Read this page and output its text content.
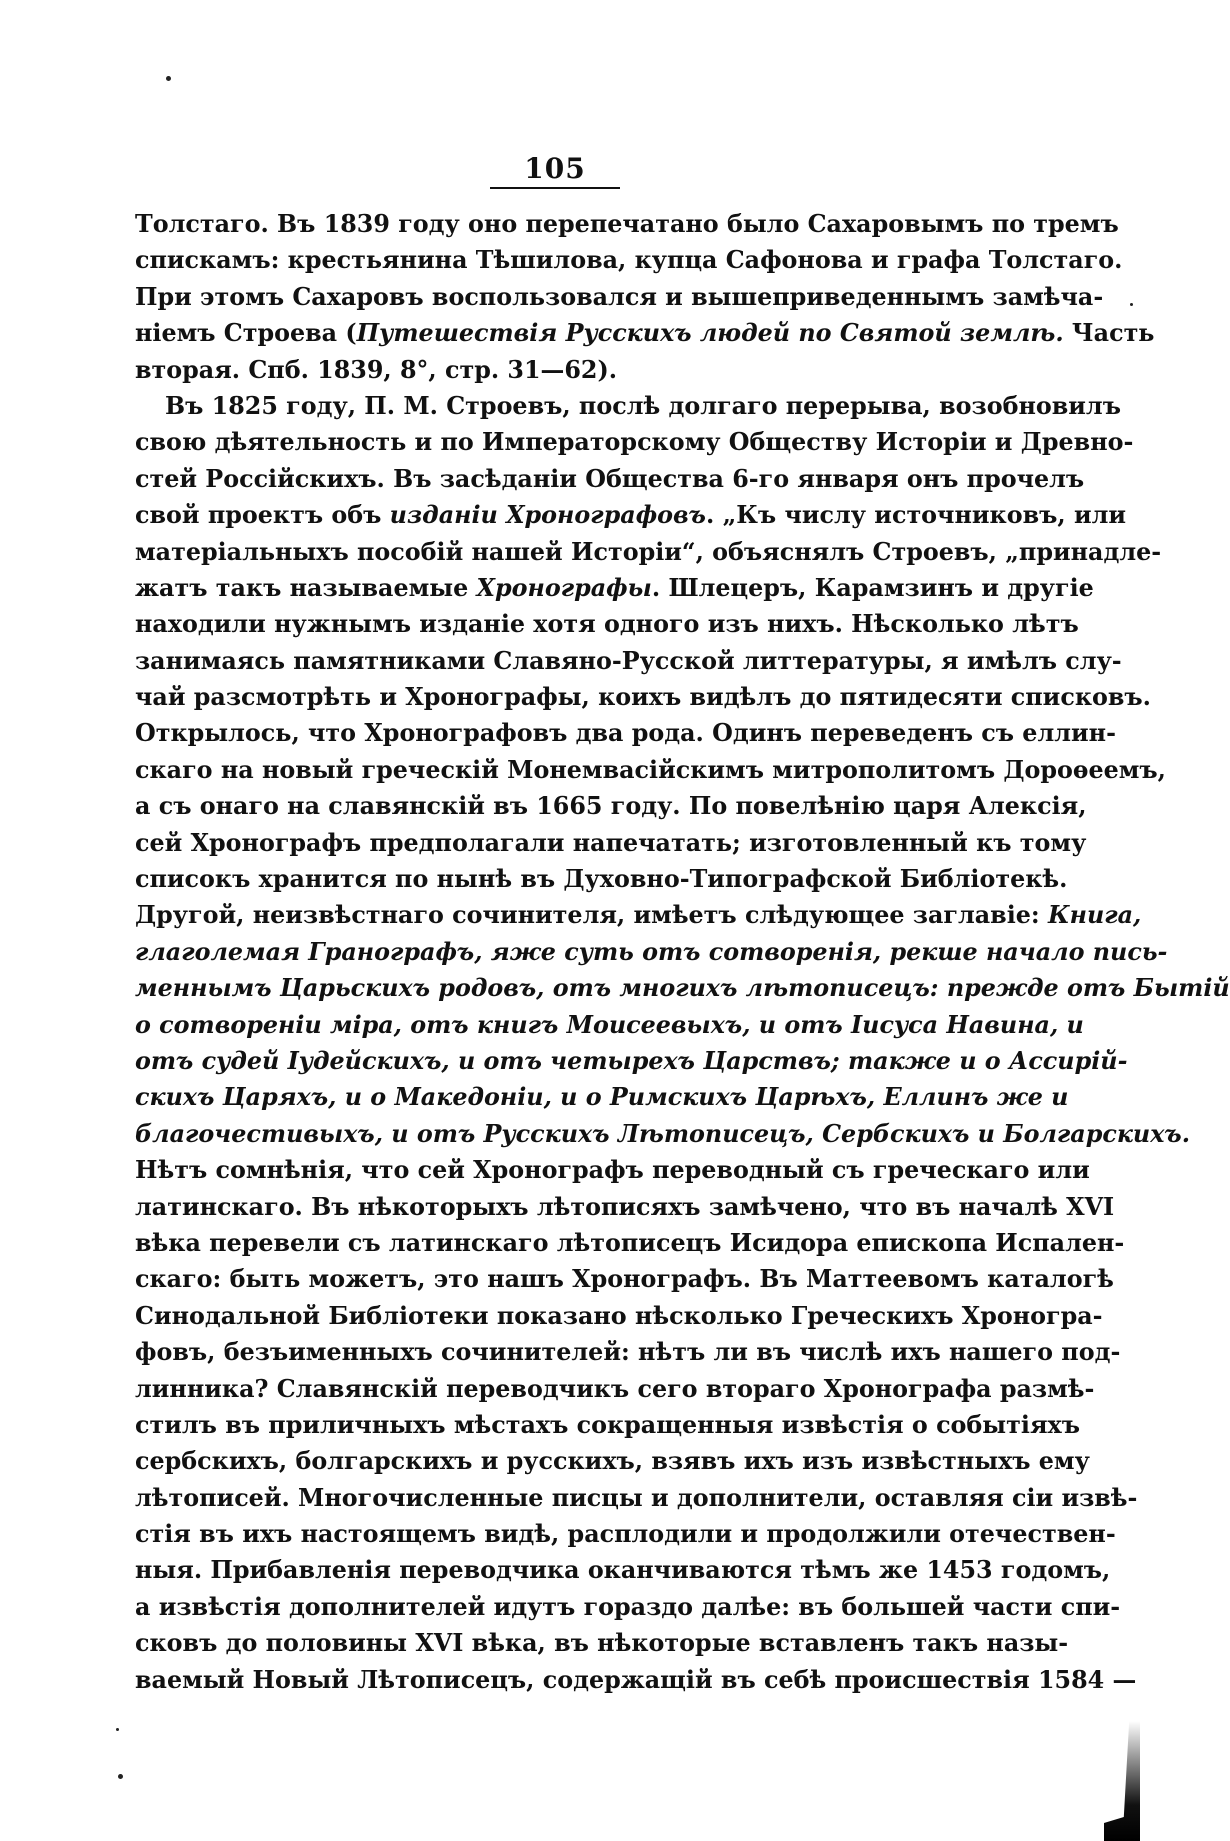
105
Толстаго. Въ 1839 году оно перепечатано было Сахаровымъ по тремъ
спискамъ: крестьянина Тѣшилова, купца Сафонова и графа Толстаго.
При этомъ Сахаровъ воспользовался и вышеприведеннымъ замѣча-
ніемъ Строева (Путешествія Русскихъ людей по Святой землѣ. Часть
вторая. Спб. 1839, 8°, стр. 31—62).
Въ 1825 году, П. М. Строевъ, послѣ долгаго перерыва, возобновилъ
свою дѣятельность и по Императорскому Обществу Исторіи и Древно-
стей Россійскихъ. Въ засѣданіи Общества 6-го января онъ прочелъ
свой проектъ объ изданіи Хронографовъ. „Къ числу источниковъ, или
матеріальныхъ пособій нашей Исторіи“, объяснялъ Строевъ, „принадле-
жатъ такъ называемые Хронографы. Шлецеръ, Карамзинъ и другіе
находили нужнымъ изданіе хотя одного изъ нихъ. Нѣсколько лѣтъ
занимаясь памятниками Славяно-Русской литтературы, я имѣлъ слу-
чай разсмотрѣть и Хронографы, коихъ видѣлъ до пятидесяти списковъ.
Открылось, что Хронографовъ два рода. Одинъ переведенъ съ еллин-
скаго на новый греческій Монемвасійскимъ митрополитомъ Дороѳеемъ,
а съ онаго на славянскій въ 1665 году. По повелѣнію царя Алексія,
сей Хронографъ предполагали напечатать; изготовленный къ тому
списокъ хранится по нынѣ въ Духовно-Типографской Библіотекѣ.
Другой, неизвѣстнаго сочинителя, имѣетъ слѣдующее заглавіе: Книга,
глаголемая Гранографъ, яже суть отъ сотворенія, рекше начало пись-
меннымъ Царьскихъ родовъ, отъ многихъ лѣтописецъ: прежде отъ Бытій
о сотвореніи міра, отъ книгъ Моисеевыхъ, и отъ Іисуса Навина, и
отъ судей Іудейскихъ, и отъ четырехъ Царствъ; также и о Ассирій-
скихъ Царяхъ, и о Македоніи, и о Римскихъ Царѣхъ, Еллинъ же и
благочестивыхъ, и отъ Русскихъ Лѣтописецъ, Сербскихъ и Болгарскихъ.
Нѣтъ сомнѣнія, что сей Хронографъ переводный съ греческаго или
латинскаго. Въ нѣкоторыхъ лѣтописяхъ замѣчено, что въ началѣ XVI
вѣка перевели съ латинскаго лѣтописецъ Исидора епископа Испален-
скаго: быть можетъ, это нашъ Хронографъ. Въ Маттеевомъ каталогѣ
Синодальной Библіотеки показано нѣсколько Греческихъ Хроногра-
фовъ, безъименныхъ сочинителей: нѣтъ ли въ числѣ ихъ нашего под-
линника? Славянскій переводчикъ сего втораго Хронографа размѣ-
стилъ въ приличныхъ мѣстахъ сокращенныя извѣстія о событіяхъ
сербскихъ, болгарскихъ и русскихъ, взявъ ихъ изъ извѣстныхъ ему
лѣтописей. Многочисленные писцы и дополнители, оставляя сіи извѣ-
стія въ ихъ настоящемъ видѣ, расплодили и продолжили отечествен-
ныя. Прибавленія переводчика оканчиваются тѣмъ же 1453 годомъ,
а извѣстія дополнителей идутъ гораздо далѣе: въ большей части спи-
сковъ до половины XVI вѣка, въ нѣкоторые вставленъ такъ назы-
ваемый Новый Лѣтописецъ, содержащій въ себѣ происшествія 1584 —
